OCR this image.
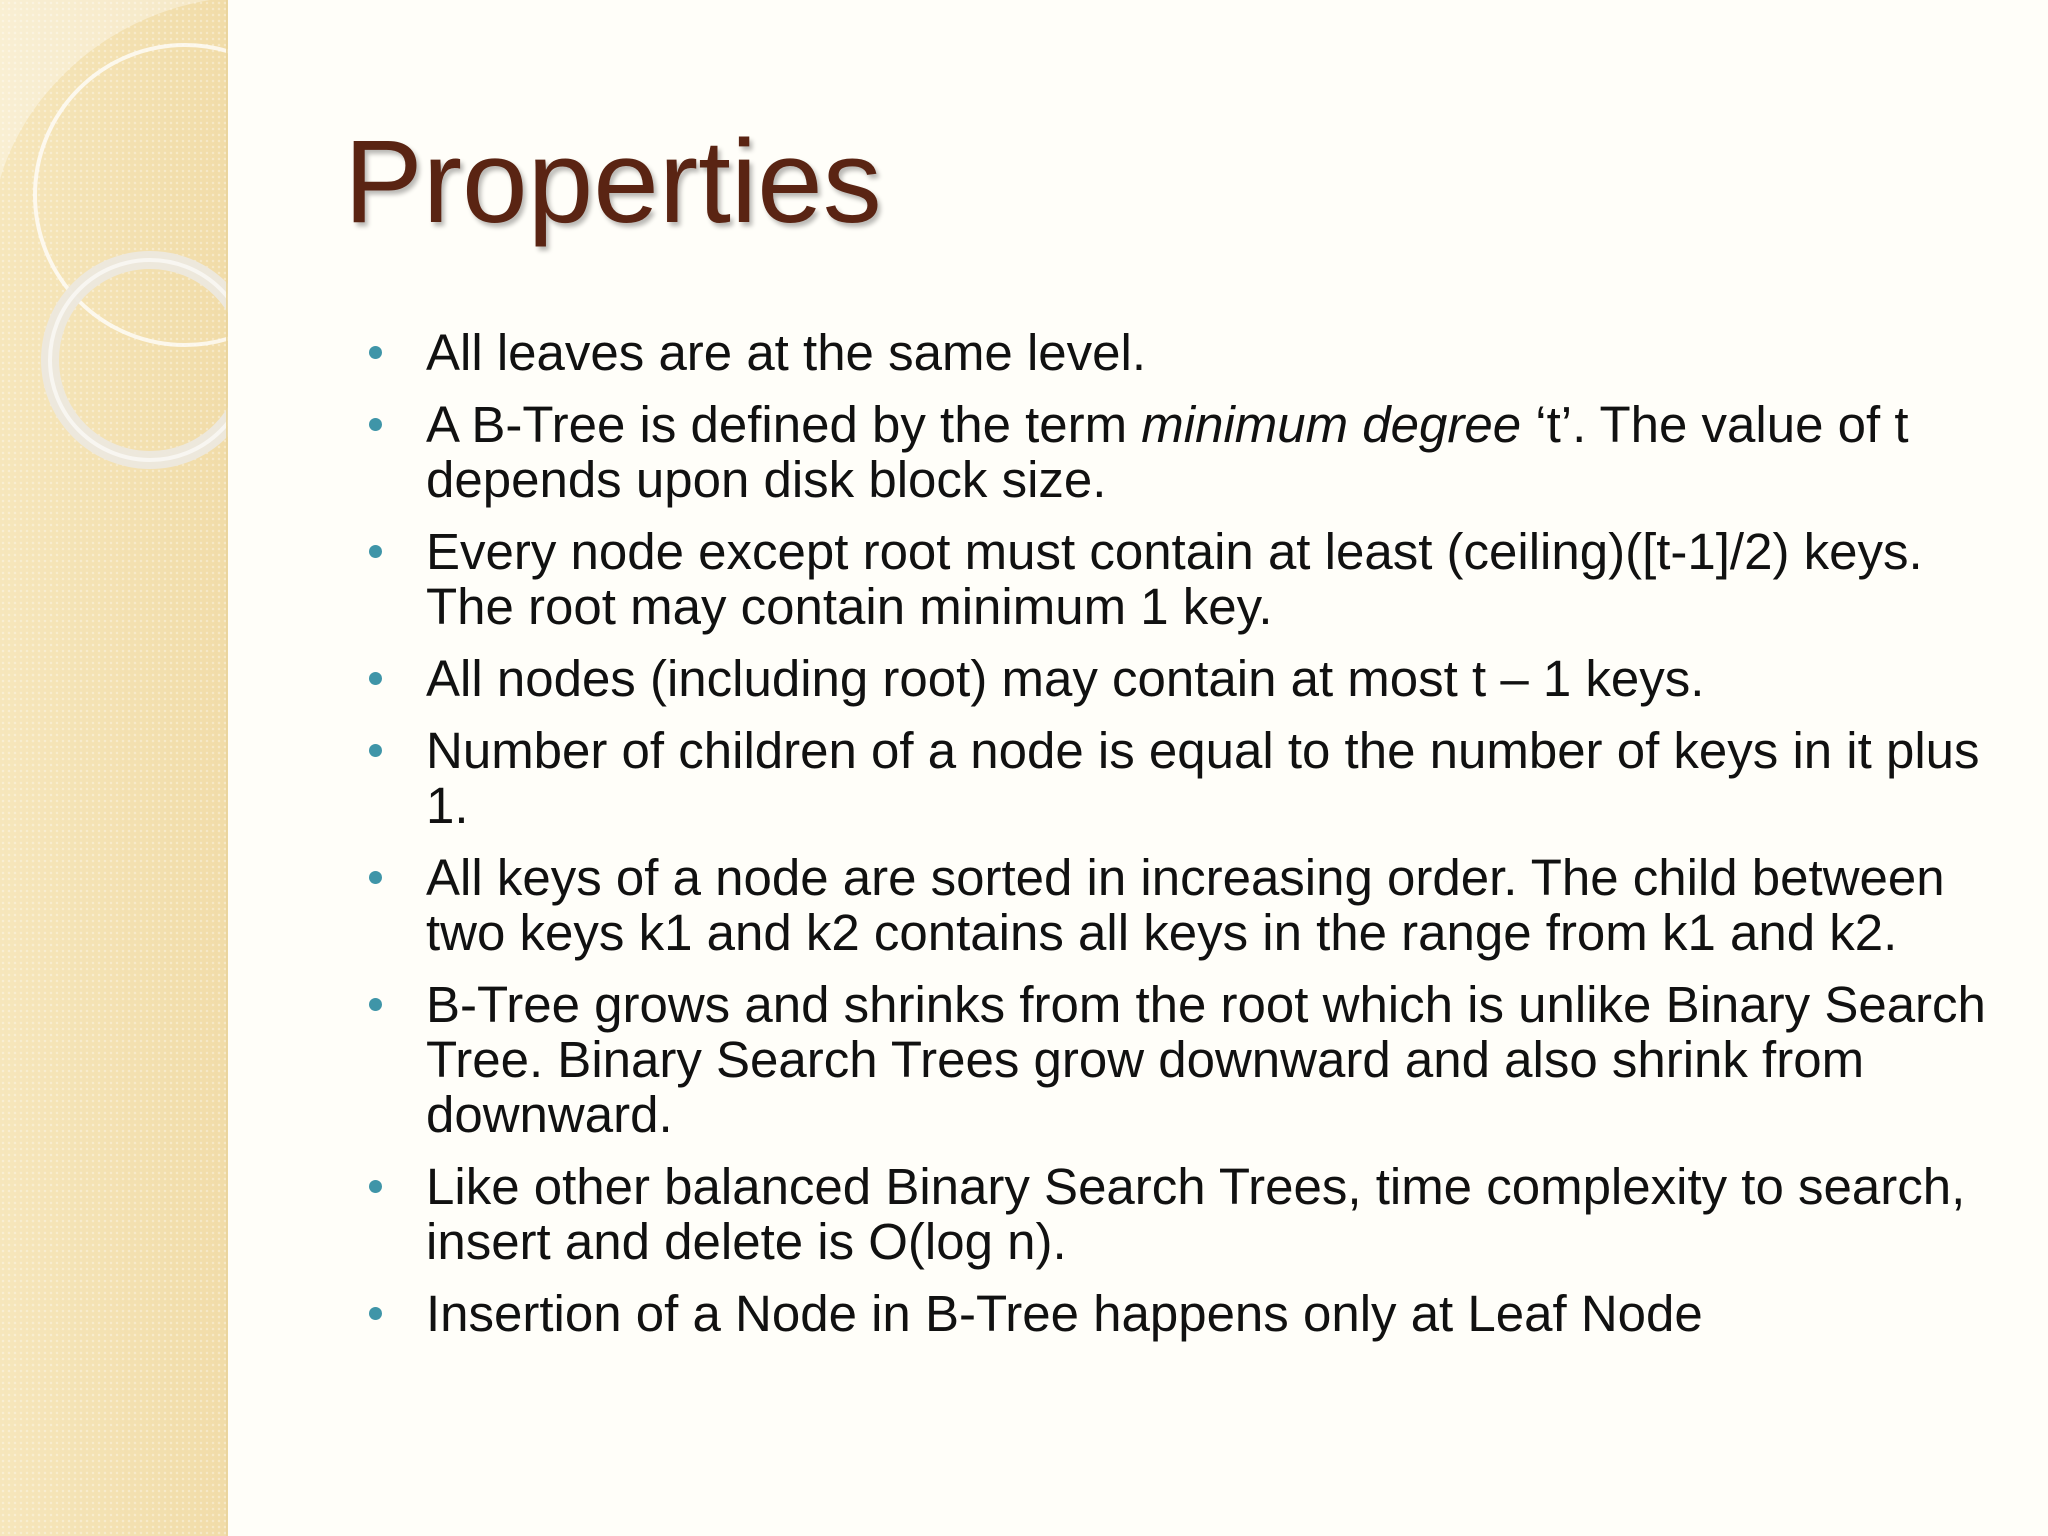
Properties
All leaves are at the same level.
A B-Tree is defined by the term minimum degree ‘t’. The value of t depends upon disk block size.
Every node except root must contain at least (ceiling)([t-1]/2) keys. The root may contain minimum 1 key.
All nodes (including root) may contain at most t – 1 keys.
Number of children of a node is equal to the number of keys in it plus 1.
All keys of a node are sorted in increasing order. The child between two keys k1 and k2 contains all keys in the range from k1 and k2.
B-Tree grows and shrinks from the root which is unlike Binary Search Tree. Binary Search Trees grow downward and also shrink from downward.
Like other balanced Binary Search Trees, time complexity to search, insert and delete is O(log n).
Insertion of a Node in B-Tree happens only at Leaf Node
